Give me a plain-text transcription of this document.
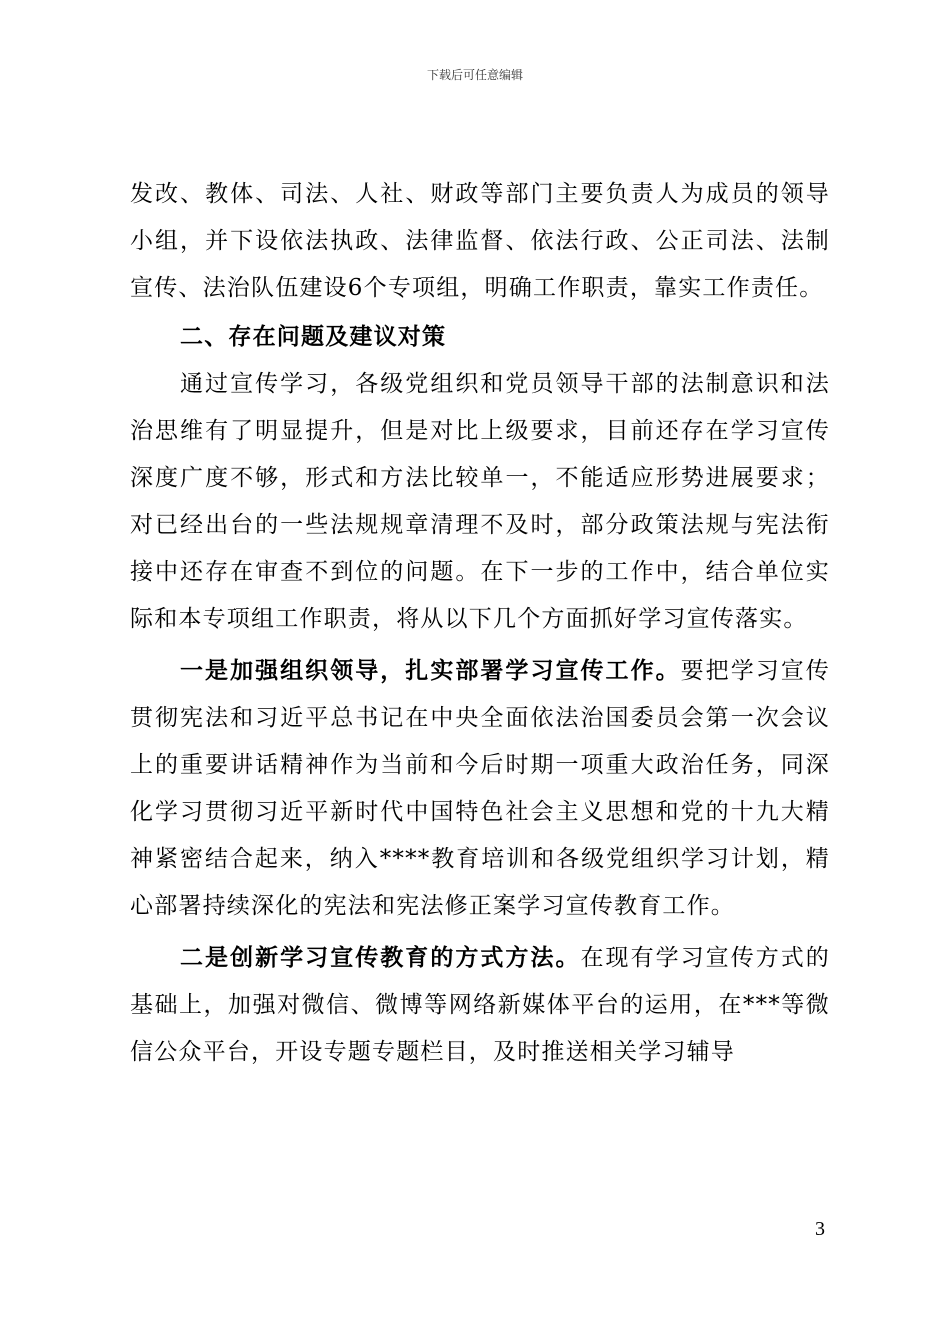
下载后可任意编辑

发改、教体、司法、人社、财政等部门主要负责人为成员的领导小组，并下设依法执政、法律监督、依法行政、公正司法、法制宣传、法治队伍建设6个专项组，明确工作职责，靠实工作责任。

二、存在问题及建议对策

通过宣传学习，各级党组织和党员领导干部的法制意识和法治思维有了明显提升，但是对比上级要求，目前还存在学习宣传深度广度不够，形式和方法比较单一，不能适应形势进展要求；对已经出台的一些法规规章清理不及时，部分政策法规与宪法衔接中还存在审查不到位的问题。在下一步的工作中，结合单位实际和本专项组工作职责，将从以下几个方面抓好学习宣传落实。

一是加强组织领导，扎实部署学习宣传工作。要把学习宣传贯彻宪法和习近平总书记在中央全面依法治国委员会第一次会议上的重要讲话精神作为当前和今后时期一项重大政治任务，同深化学习贯彻习近平新时代中国特色社会主义思想和党的十九大精神紧密结合起来，纳入****教育培训和各级党组织学习计划，精心部署持续深化的宪法和宪法修正案学习宣传教育工作。

二是创新学习宣传教育的方式方法。在现有学习宣传方式的基础上，加强对微信、微博等网络新媒体平台的运用，在***等微信公众平台，开设专题专题栏目，及时推送相关学习辅导

3
